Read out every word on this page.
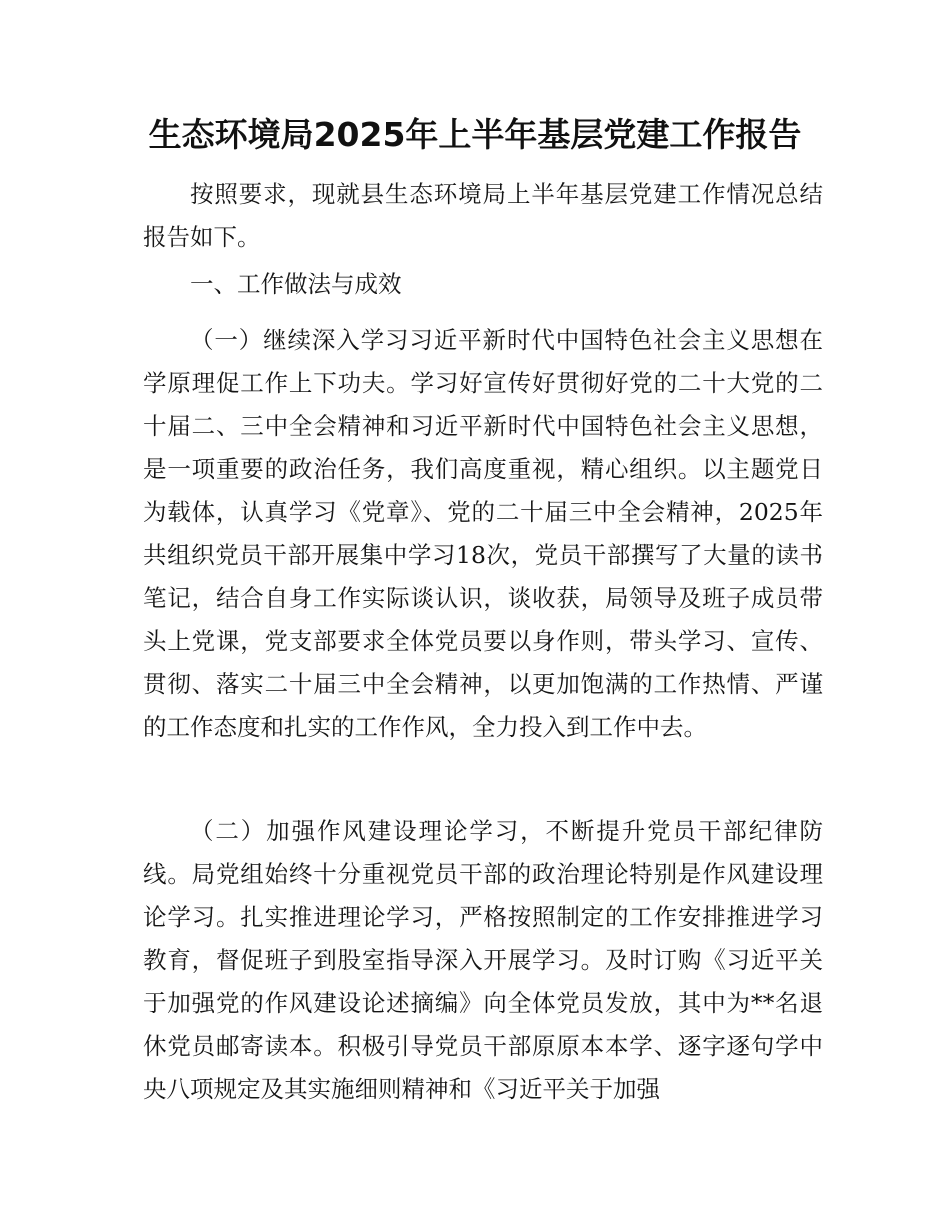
生态环境局2025年上半年基层党建工作报告

按照要求，现就县生态环境局上半年基层党建工作情况总结报告如下。

一、工作做法与成效

（一）继续深入学习习近平新时代中国特色社会主义思想在学原理促工作上下功夫。学习好宣传好贯彻好党的二十大党的二十届二、三中全会精神和习近平新时代中国特色社会主义思想，是一项重要的政治任务，我们高度重视，精心组织。以主题党日为载体，认真学习《党章》、党的二十届三中全会精神，2025年共组织党员干部开展集中学习18次，党员干部撰写了大量的读书笔记，结合自身工作实际谈认识，谈收获，局领导及班子成员带头上党课，党支部要求全体党员要以身作则，带头学习、宣传、贯彻、落实二十届三中全会精神，以更加饱满的工作热情、严谨的工作态度和扎实的工作作风，全力投入到工作中去。

（二）加强作风建设理论学习，不断提升党员干部纪律防线。局党组始终十分重视党员干部的政治理论特别是作风建设理论学习。扎实推进理论学习，严格按照制定的工作安排推进学习教育，督促班子到股室指导深入开展学习。及时订购《习近平关于加强党的作风建设论述摘编》向全体党员发放，其中为**名退休党员邮寄读本。积极引导党员干部原原本本学、逐字逐句学中央八项规定及其实施细则精神和《习近平关于加强
